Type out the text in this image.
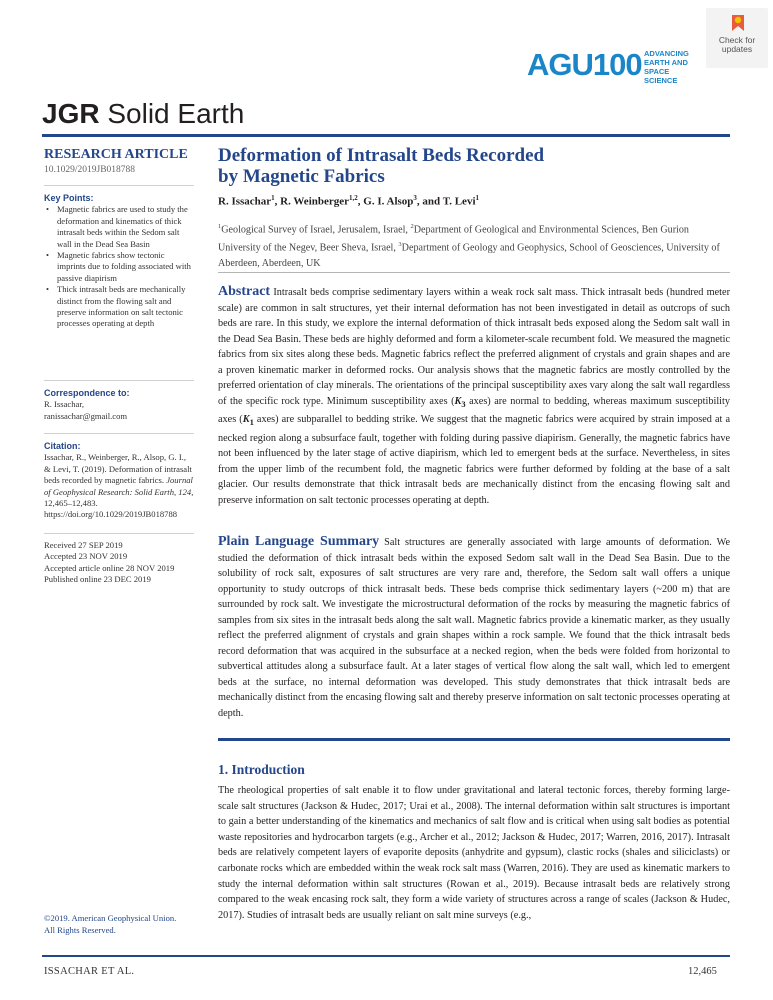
AGU100 ADVANCING
EARTH AND
SPACE SCIENCE
Check for updates
JGR Solid Earth
RESEARCH ARTICLE
10.1029/2019JB018788
Key Points:
• Magnetic fabrics are used to study the deformation and kinematics of thick intrasalt beds within the Sedom salt wall in the Dead Sea Basin
• Magnetic fabrics show tectonic imprints due to folding associated with passive diapirism
• Thick intrasalt beds are mechanically distinct from the flowing salt and preserve information on salt tectonic processes operating at depth
Correspondence to:
R. Issachar,
ranissachar@gmail.com
Citation:
Issachar, R., Weinberger, R., Alsop, G. I., & Levi, T. (2019). Deformation of intrasalt beds recorded by magnetic fabrics. Journal of Geophysical Research: Solid Earth, 124, 12,465–12,483. https://doi.org/10.1029/2019JB018788
Received 27 SEP 2019
Accepted 23 NOV 2019
Accepted article online 28 NOV 2019
Published online 23 DEC 2019
©2019. American Geophysical Union.
All Rights Reserved.
Deformation of Intrasalt Beds Recorded
by Magnetic Fabrics
R. Issachar$^1$, R. Weinberger$^{1,2}$, G. I. Alsop$^3$, and T. Levi$^1$
$^1$Geological Survey of Israel, Jerusalem, Israel, $^2$Department of Geological and Environmental Sciences, Ben Gurion University of the Negev, Beer Sheva, Israel, $^3$Department of Geology and Geophysics, School of Geosciences, University of Aberdeen, Aberdeen, UK
Abstract Intrasalt beds comprise sedimentary layers within a weak rock salt mass. Thick intrasalt beds (hundred meter scale) are common in salt structures, yet their internal deformation has not been investigated in detail as outcrops of such beds are rare. In this study, we explore the internal deformation of thick intrasalt beds exposed along the Sedom salt wall in the Dead Sea Basin. These beds are highly deformed and form a kilometer-scale recumbent fold. We measured the magnetic fabrics from six sites along these beds. Magnetic fabrics reflect the preferred alignment of crystals and grain shapes and are a proven kinematic marker in deformed rocks. Our analysis shows that the magnetic fabrics are mostly controlled by the preferred orientation of clay minerals. The orientations of the principal susceptibility axes vary along the salt wall regardless of the specific rock type. Minimum susceptibility axes ($K_3$ axes) are normal to bedding, whereas maximum susceptibility axes ($K_1$ axes) are subparallel to bedding strike. We suggest that the magnetic fabrics were acquired by strain imposed at a necked region along a subsurface fault, together with folding during passive diapirism. Generally, the magnetic fabrics have not been influenced by the later stage of active diapirism, which led to emergent beds at the surface. Nevertheless, in sites from the upper limb of the recumbent fold, the magnetic fabrics were further deformed by folding at the base of a salt glacier. Our results demonstrate that thick intrasalt beds are mechanically distinct from the encasing flowing salt and preserve information on salt tectonic processes operating at depth.
Plain Language Summary Salt structures are generally associated with large amounts of deformation. We studied the deformation of thick intrasalt beds within the exposed Sedom salt wall in the Dead Sea Basin. Due to the solubility of rock salt, exposures of salt structures are very rare and, therefore, the Sedom salt wall offers a unique opportunity to study outcrops of thick intrasalt beds. These beds comprise thick sedimentary layers (~200 m) that are surrounded by rock salt. We investigate the microstructural deformation of the rocks by measuring the magnetic fabrics of samples from six sites in the intrasalt beds along the salt wall. Magnetic fabrics provide a kinematic marker, as they usually reflect the preferred alignment of crystals and grain shapes within a rock sample. We found that the thick intrasalt beds record deformation that was acquired in the subsurface at a necked region, when the beds were folded from horizontal to subvertical attitudes along a subsurface fault. At a later stages of vertical flow along the salt wall, which led to emergent beds at the surface, no internal deformation was developed. This study demonstrates that thick intrasalt beds are mechanically distinct from the encasing flowing salt and thereby preserve information on salt tectonic processes operating at depth.
1. Introduction
The rheological properties of salt enable it to flow under gravitational and lateral tectonic forces, thereby forming large-scale salt structures (Jackson & Hudec, 2017; Urai et al., 2008). The internal deformation within salt structures is important to gain a better understanding of the kinematics and mechanics of salt flow and is critical when using salt bodies as potential waste repositories and hydrocarbon targets (e.g., Archer et al., 2012; Jackson & Hudec, 2017; Warren, 2016, 2017). Intrasalt beds are relatively competent layers of evaporite deposits (anhydrite and gypsum), clastic rocks (shales and siliciclasts) or carbonate rocks which are embedded within the weak rock salt mass (Warren, 2016). They are used as kinematic markers to study the internal deformation within salt structures (Rowan et al., 2019). Because intrasalt beds are relatively strong compared to the weak encasing rock salt, they form a wide variety of structures across a range of scales (Jackson & Hudec, 2017). Studies of intrasalt beds are usually reliant on salt mine surveys (e.g.,
ISSACHAR ET AL.	12,465
